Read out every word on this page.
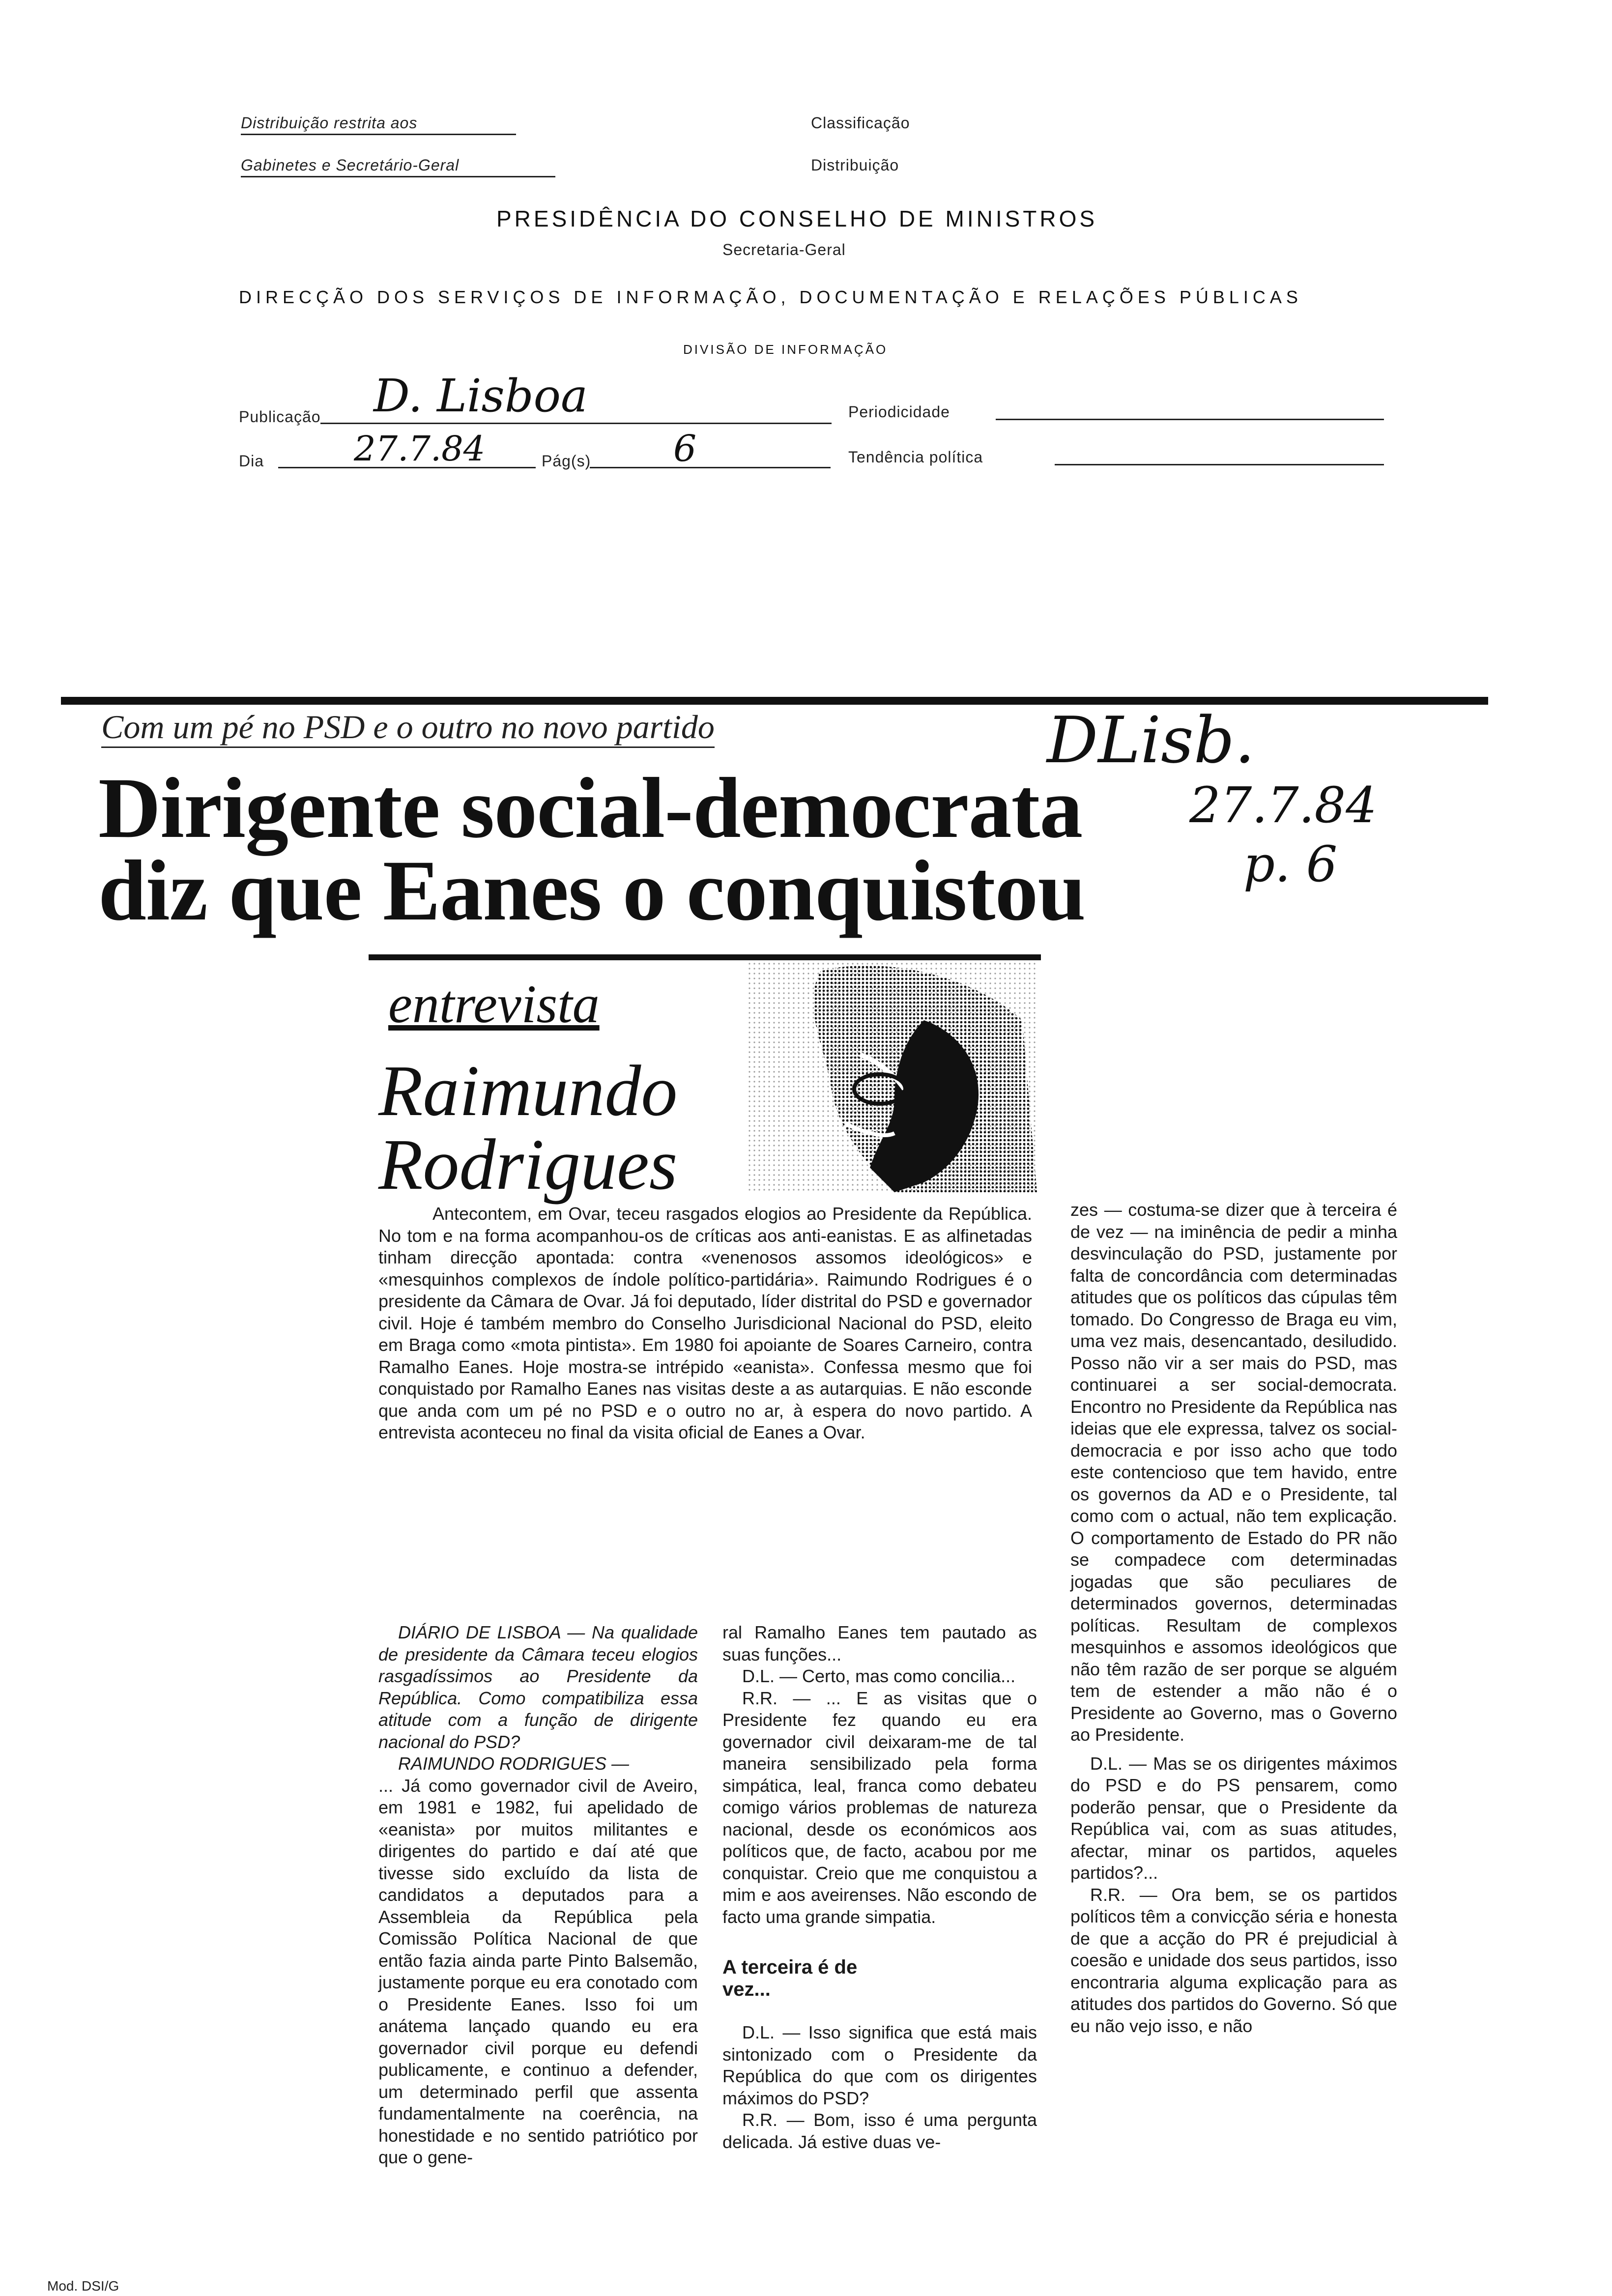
Distribuição restrita aos
Gabinetes e Secretário-Geral
Classificação
Distribuição
PRESIDÊNCIA DO CONSELHO DE MINISTROS
Secretaria-Geral
DIRECÇÃO DOS SERVIÇOS DE INFORMAÇÃO, DOCUMENTAÇÃO E RELAÇÕES PÚBLICAS
DIVISÃO DE INFORMAÇÃO
Publicação D. Lisboa	Periodicidade
Dia	27.7.84	Pág(s) 6	Tendência política
Com um pé no PSD e o outro no novo partido
Dirigente social-democrata
diz que Eanes o conquistou
DLisb.
27.7.84
p. 6
entrevista
Raimundo
Rodrigues

Antecontem, em Ovar, teceu rasgados elogios ao Presidente da República. No tom e na forma acompanhou-os de críticas aos anti-eanistas. E as alfinetadas tinham direcção apontada: contra «venenosos assomos ideológicos» e «mesquinhos complexos de índole político-partidária». Raimundo Rodrigues é o presidente da Câmara de Ovar. Já foi deputado, líder distrital do PSD e governador civil. Hoje é também membro do Conselho Jurisdicional Nacional do PSD, eleito em Braga como «mota pintista». Em 1980 foi apoiante de Soares Carneiro, contra Ramalho Eanes. Hoje mostra-se intrépido «eanista». Confessa mesmo que foi conquistado por Ramalho Eanes nas visitas deste a as autarquias. E não esconde que anda com um pé no PSD e o outro no ar, à espera do novo partido. A entrevista aconteceu no final da visita oficial de Eanes a Ovar.

DIÁRIO DE LISBOA — Na qualidade de presidente da Câmara teceu elogios rasgadíssimos ao Presidente da República. Como compatibiliza essa atitude com a função de dirigente nacional do PSD?

RAIMUNDO RODRIGUES —

... Já como governador civil de Aveiro, em 1981 e 1982, fui apelidado de «eanista» por muitos militantes e dirigentes do partido e daí até que tivesse sido excluído da lista de candidatos a deputados para a Assembleia da República pela Comissão Política Nacional de que então fazia ainda parte Pinto Balsemão, justamente porque eu era conotado com o Presidente Eanes. Isso foi um anátema lançado quando eu era governador civil porque eu defendi publicamente, e continuo a defender, um determinado perfil que assenta fundamentalmente na coerência, na honestidade e no sentido patriótico por que o gene-

ral Ramalho Eanes tem pautado as suas funções...

D.L. — Certo, mas como concilia...

R.R. — ... E as visitas que o Presidente fez quando eu era governador civil deixaram-me de tal maneira sensibilizado pela forma simpática, leal, franca como debateu comigo vários problemas de natureza nacional, desde os económicos aos políticos que, de facto, acabou por me conquistar. Creio que me conquistou a mim e aos aveirenses. Não escondo de facto uma grande simpatia.

A terceira é de vez...

D.L. — Isso significa que está mais sintonizado com o Presidente da República do que com os dirigentes máximos do PSD?

R.R. — Bom, isso é uma pergunta delicada. Já estive duas ve-

zes — costuma-se dizer que à terceira é de vez — na iminência de pedir a minha desvinculação do PSD, justamente por falta de concordância com determinadas atitudes que os políticos das cúpulas têm tomado. Do Congresso de Braga eu vim, uma vez mais, desencantado, desiludido. Posso não vir a ser mais do PSD, mas continuarei a ser social-democrata. Encontro no Presidente da República nas ideias que ele expressa, talvez os social-democracia e por isso acho que todo este contencioso que tem havido, entre os governos da AD e o Presidente, tal como com o actual, não tem explicação. O comportamento de Estado do PR não se compadece com determinadas jogadas que são peculiares de determinados governos, determinadas políticas. Resultam de complexos mesquinhos e assomos ideológicos que não têm razão de ser porque se alguém tem de estender a mão não é o Presidente ao Governo, mas o Governo ao Presidente.

D.L. — Mas se os dirigentes máximos do PSD e do PS pensarem, como poderão pensar, que o Presidente da República vai, com as suas atitudes, afectar, minar os partidos, aqueles partidos?...

R.R. — Ora bem, se os partidos políticos têm a convicção séria e honesta de que a acção do PR é prejudicial à coesão e unidade dos seus partidos, isso encontraria alguma explicação para as atitudes dos partidos do Governo. Só que eu não vejo isso, e não

Mod. DSI/G
